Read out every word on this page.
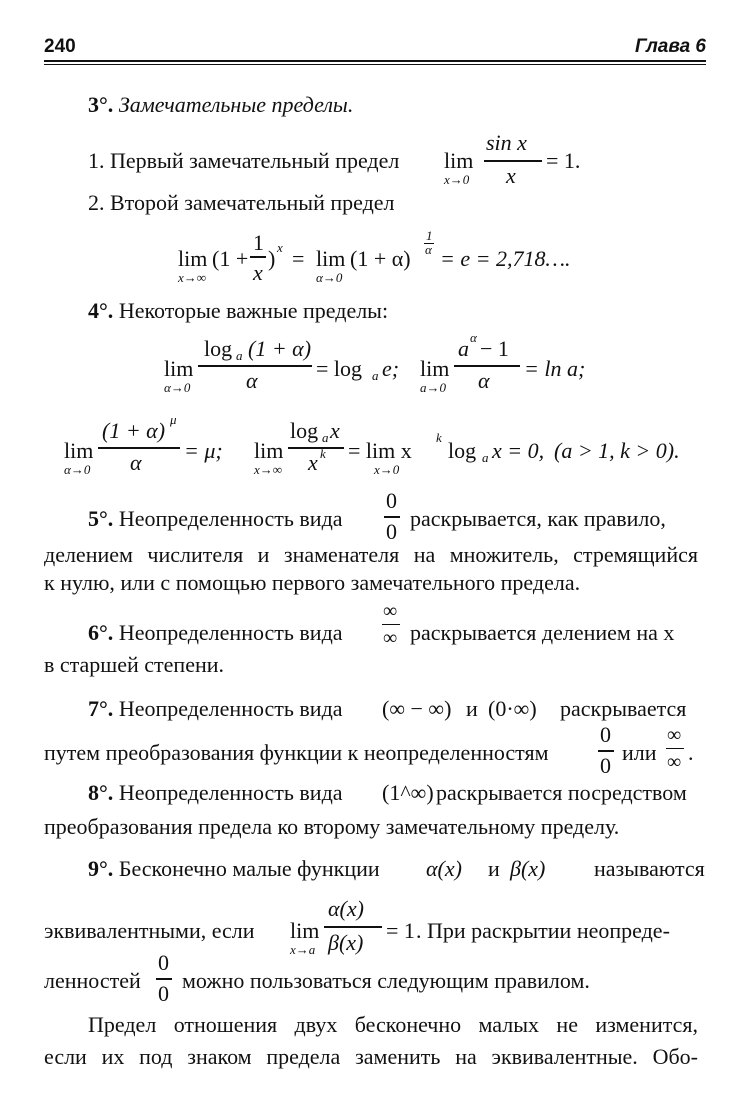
240	Глава 6
3°. Замечательные пределы.
1. Первый замечательный предел lim
x→0
sin x
x
= 1.
2. Второй замечательный предел
lim
x→∞
(1 +
1
x
) x = lim
α→0
(1 + α)
1
α = e = 2,718….
4°. Некоторые важные пределы:
lim
α→0
log a (1 + α)
α	= log a e; lim
a→0
a α − 1
α = ln a;
lim
α→0
(1 + α) μ
α = μ; lim
x→∞
log a x
x k = lim x
x→0
k
log a x = 0, (a > 1, k > 0).
5°. Неопределенность вида
0
0
раскрывается, как правило,
делением числителя и знаменателя на множитель, стремящийся
к нулю, или с помощью первого замечательного предела.
6°. Неопределенность вида
∞
∞ раскрывается делением на x
в старшей степени.
7°. Неопределенность вида (∞ − ∞) и (0·∞) раскрывается
путем преобразования функции к неопределенностям
0
0
или
∞
∞ .
8°. Неопределенность вида (1^∞) раскрывается посредством
преобразования предела ко второму замечательному пределу.
9°. Бесконечно малые функции α(x) и β(x) называются
эквивалентными, если lim
x→a
α(x)
β(x) = 1 . При раскрытии неопреде-
ленностей
0
0
можно пользоваться следующим правилом.
Предел отношения двух бесконечно малых не изменится,
если их под знаком предела заменить на эквивалентные. Обо-
